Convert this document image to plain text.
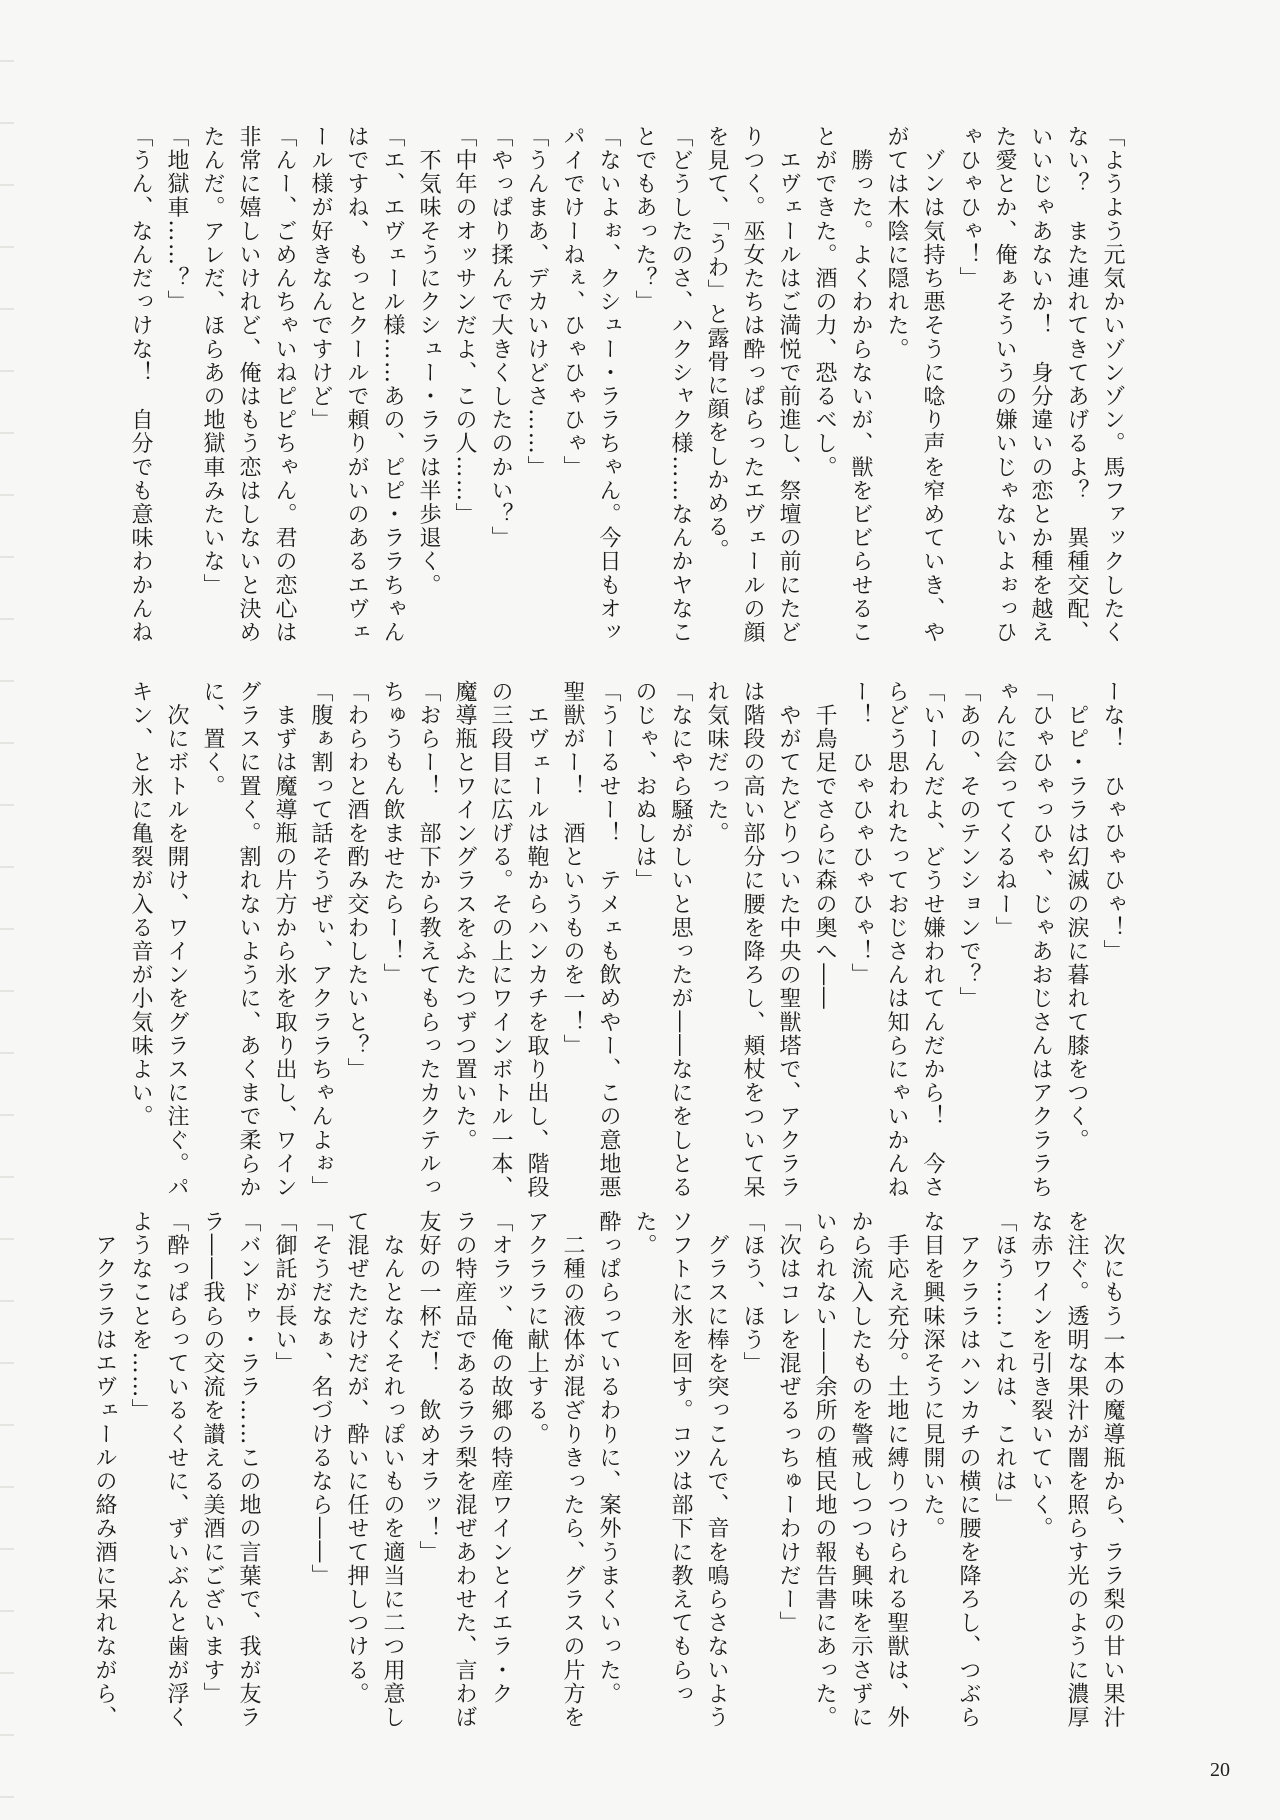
「ようよう元気かいゾンゾン。馬ファックしたく

ない？　また連れてきてあげるよ？　異種交配、

いいじゃあないか！　身分違いの恋とか種を越え

た愛とか、俺ぁそういうの嫌いじゃないよぉっひ

ゃひゃひゃ！」

　ゾンは気持ち悪そうに唸り声を窄めていき、や

がては木陰に隠れた。

　勝った。よくわからないが、獣をビビらせるこ

とができた。酒の力、恐るべし。

　エヴェールはご満悦で前進し、祭壇の前にたど

りつく。巫女たちは酔っぱらったエヴェールの顔

を見て、「うわ」と露骨に顔をしかめる。

「どうしたのさ、ハクシャク様……なんかヤなこ

とでもあった？」

「ないよぉ、クシュー・ララちゃん。今日もオッ

パイでけーねぇ、ひゃひゃひゃ」

「うんまあ、デカいけどさ……」

「やっぱり揉んで大きくしたのかい？」

「中年のオッサンだよ、この人……」

　不気味そうにクシュー・ララは半歩退く。

「エ、エヴェール様……あの、ピピ・ララちゃん

はですね、もっとクールで頼りがいのあるエヴェ

ール様が好きなんですけど」

「んー、ごめんちゃいねピピちゃん。君の恋心は

非常に嬉しいけれど、俺はもう恋はしないと決め

たんだ。アレだ、ほらあの地獄車みたいな」

「地獄車……？」

「うん、なんだっけな！　自分でも意味わかんね

ーな！　ひゃひゃひゃ！」

　ピピ・ララは幻滅の涙に暮れて膝をつく。

「ひゃひゃっひゃ、じゃあおじさんはアクララち

ゃんに会ってくるねー」

「あの、そのテンションで？」

「いーんだよ、どうせ嫌われてんだから！　今さ

らどう思われたっておじさんは知らにゃいかんね

ー！　ひゃひゃひゃひゃ！」

　千鳥足でさらに森の奥へ――

　やがてたどりついた中央の聖獣塔で、アクララ

は階段の高い部分に腰を降ろし、頬杖をついて呆

れ気味だった。

「なにやら騒がしいと思ったが――なにをしとる

のじゃ、おぬしは」

「うーるせー！　テメェも飲めやー、この意地悪

聖獣がー！　酒というものを一！」

　エヴェールは鞄からハンカチを取り出し、階段

の三段目に広げる。その上にワインボトル一本、

魔導瓶とワイングラスをふたつずつ置いた。

「おらー！　部下から教えてもらったカクテルっ

ちゅうもん飲ませたらー！」

「わらわと酒を酌み交わしたいと？」

「腹ぁ割って話そうぜぃ、アクララちゃんよぉ」

　まずは魔導瓶の片方から氷を取り出し、ワイン

グラスに置く。割れないように、あくまで柔らか

に、置く。

　次にボトルを開け、ワインをグラスに注ぐ。パ

キン、と氷に亀裂が入る音が小気味よい。

　次にもう一本の魔導瓶から、ララ梨の甘い果汁

を注ぐ。透明な果汁が闇を照らす光のように濃厚

な赤ワインを引き裂いていく。

「ほう……これは、これは」

　アクララはハンカチの横に腰を降ろし、つぶら

な目を興味深そうに見開いた。

　手応え充分。土地に縛りつけられる聖獣は、外

から流入したものを警戒しつつも興味を示さずに

いられない――余所の植民地の報告書にあった。

「次はコレを混ぜるっちゅーわけだー」

「ほう、ほう」

　グラスに棒を突っこんで、音を鳴らさないよう

ソフトに氷を回す。コツは部下に教えてもらった。

酔っぱらっているわりに、案外うまくいった。

　二種の液体が混ざりきったら、グラスの片方を

アクララに献上する。

「オラッ、俺の故郷の特産ワインとイエラ・ク

ラの特産品であるララ梨を混ぜあわせた、言わば

友好の一杯だ！　飲めオラッ！」

　なんとなくそれっぽいものを適当に二つ用意し

て混ぜただけだが、酔いに任せて押しつける。

「そうだなぁ、名づけるなら――」

「御託が長い」

「バンドゥ・ララ……この地の言葉で、我が友ラ

ラ――我らの交流を讃える美酒にございます」

「酔っぱらっているくせに、ずいぶんと歯が浮く

ようなことを……」

　アクララはエヴェールの絡み酒に呆れながら、

20
